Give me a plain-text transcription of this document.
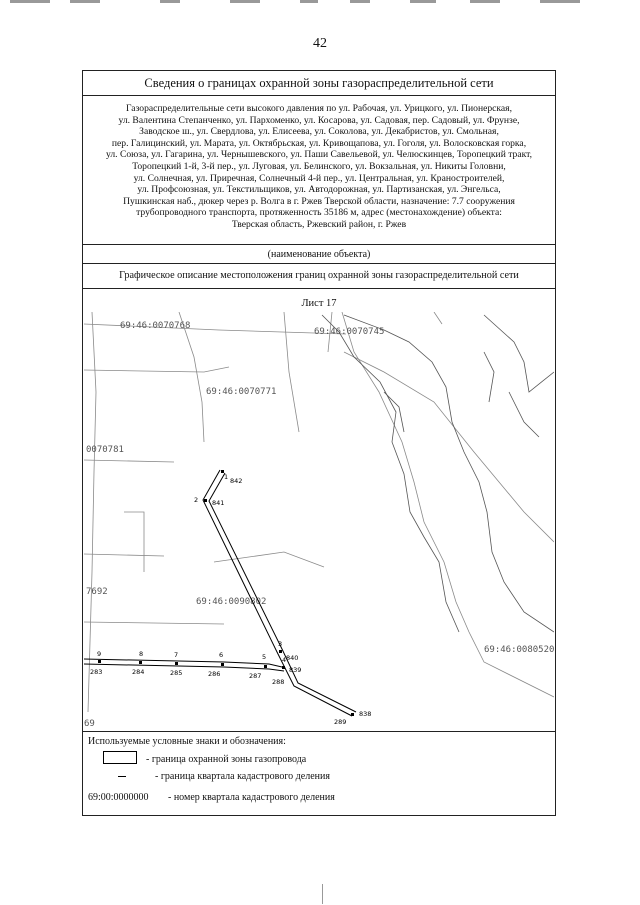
42
Сведения о границах охранной зоны газораспределительной сети
Газораспределительные сети высокого давления по ул. Рабочая, ул. Урицкого, ул. Пионерская,
ул. Валентина Степанченко, ул. Пархоменко, ул. Косарова, ул. Садовая, пер. Садовый, ул. Фрунзе,
Заводское ш., ул. Свердлова, ул. Елисеева, ул. Соколова, ул. Декабристов, ул. Смольная,
пер. Галицинский, ул. Марата, ул. Октябрьская, ул. Кривощапова, ул. Гоголя, ул. Волосковская горка,
ул. Союза, ул. Гагарина, ул. Чернышевского, ул. Паши Савельевой, ул. Челюскинцев, Торопецкий тракт,
Торопецкий 1-й, 3-й пер., ул. Луговая, ул. Белинского, ул. Вокзальная, ул. Никиты Головни,
ул. Солнечная, ул. Приречная, Солнечный 4-й пер., ул. Центральная, ул. Краностроителей,
ул. Профсоюзная, ул. Текстильщиков, ул. Автодорожная, ул. Партизанская, ул. Энгельса,
Пушкинская наб., дюкер через р. Волга в г. Ржев Тверской области, назначение: 7.7 сооружения
трубопроводного транспорта, протяженность 35186 м, адрес (местонахождение) объекта:
Тверская область, Ржевский район, г. Ржев
(наименование объекта)
Графическое описание местоположения границ охранной зоны газораспределительной сети
Лист 17
69:46:0070768
69:46:0070745
69:46:0070771
0070781
69:46:0090802
69:46:0080520
7692
69
1
2
3
4
5
6
7
8
9
842
841
840
839
838
288
287
286
285
284
283
289
Используемые условные знаки и обозначения:
- граница охранной зоны газопровода
- граница квартала кадастрового деления
69:00:0000000 - номер квартала кадастрового деления
